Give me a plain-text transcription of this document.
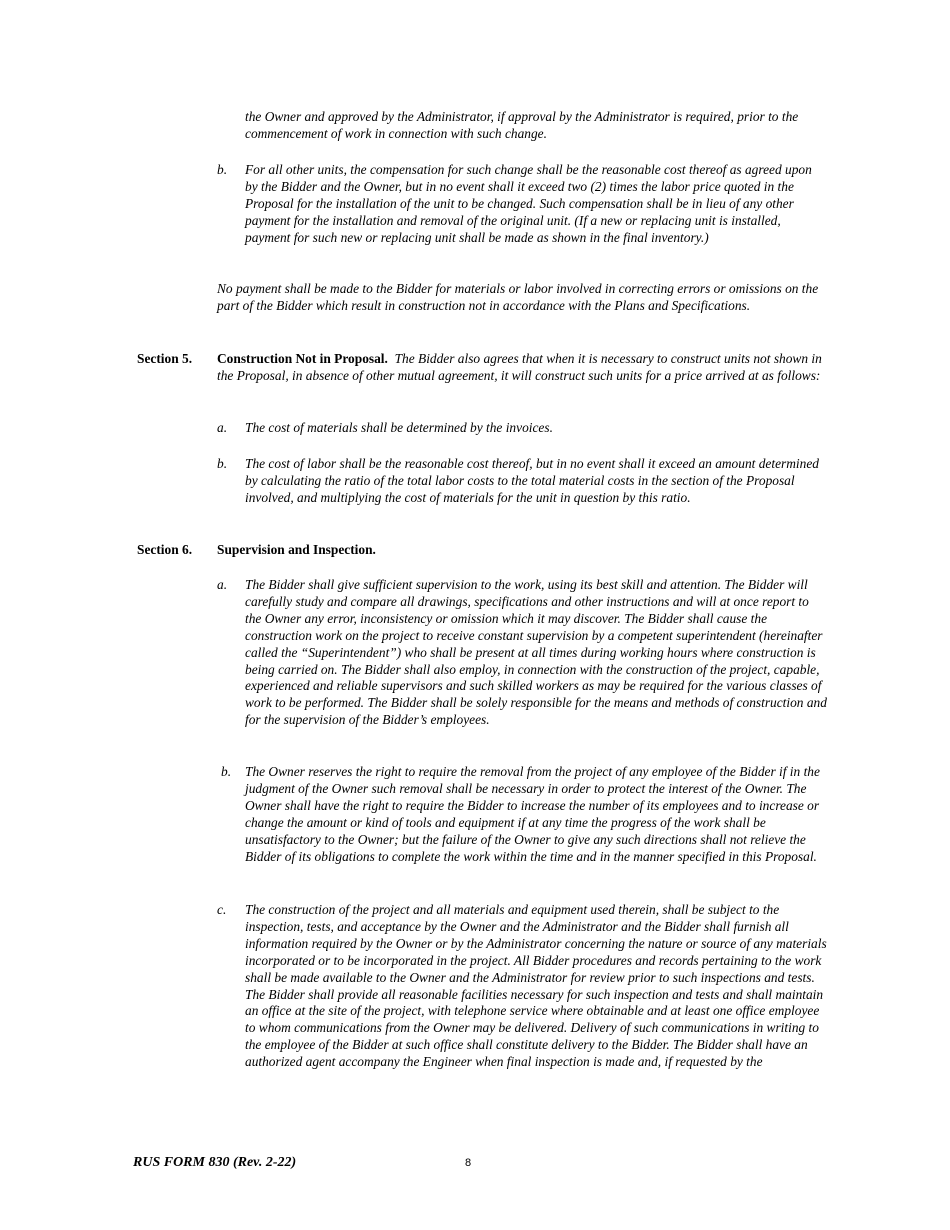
the Owner and approved by the Administrator, if approval by the Administrator is required, prior to the commencement of work in connection with such change.

b. For all other units, the compensation for such change shall be the reasonable cost thereof as agreed upon by the Bidder and the Owner, but in no event shall it exceed two (2) times the labor price quoted in the Proposal for the installation of the unit to be changed. Such compensation shall be in lieu of any other payment for the installation and removal of the original unit. (If a new or replacing unit is installed, payment for such new or replacing unit shall be made as shown in the final inventory.)

No payment shall be made to the Bidder for materials or labor involved in correcting errors or omissions on the part of the Bidder which result in construction not in accordance with the Plans and Specifications.

Section 5. Construction Not in Proposal. The Bidder also agrees that when it is necessary to construct units not shown in the Proposal, in absence of other mutual agreement, it will construct such units for a price arrived at as follows:

a. The cost of materials shall be determined by the invoices.

b. The cost of labor shall be the reasonable cost thereof, but in no event shall it exceed an amount determined by calculating the ratio of the total labor costs to the total material costs in the section of the Proposal involved, and multiplying the cost of materials for the unit in question by this ratio.

Section 6. Supervision and Inspection.
a. The Bidder shall give sufficient supervision to the work, using its best skill and attention. The Bidder will carefully study and compare all drawings, specifications and other instructions and will at once report to the Owner any error, inconsistency or omission which it may discover. The Bidder shall cause the construction work on the project to receive constant supervision by a competent superintendent (hereinafter called the “Superintendent”) who shall be present at all times during working hours where construction is being carried on. The Bidder shall also employ, in connection with the construction of the project, capable, experienced and reliable supervisors and such skilled workers as may be required for the various classes of work to be performed. The Bidder shall be solely responsible for the means and methods of construction and for the supervision of the Bidder’s employees.

b. The Owner reserves the right to require the removal from the project of any employee of the Bidder if in the judgment of the Owner such removal shall be necessary in order to protect the interest of the Owner. The Owner shall have the right to require the Bidder to increase the number of its employees and to increase or change the amount or kind of tools and equipment if at any time the progress of the work shall be unsatisfactory to the Owner; but the failure of the Owner to give any such directions shall not relieve the Bidder of its obligations to complete the work within the time and in the manner specified in this Proposal.

c. The construction of the project and all materials and equipment used therein, shall be subject to the inspection, tests, and acceptance by the Owner and the Administrator and the Bidder shall furnish all information required by the Owner or by the Administrator concerning the nature or source of any materials incorporated or to be incorporated in the project. All Bidder procedures and records pertaining to the work shall be made available to the Owner and the Administrator for review prior to such inspections and tests. The Bidder shall provide all reasonable facilities necessary for such inspection and tests and shall maintain an office at the site of the project, with telephone service where obtainable and at least one office employee to whom communications from the Owner may be delivered. Delivery of such communications in writing to the employee of the Bidder at such office shall constitute delivery to the Bidder. The Bidder shall have an authorized agent accompany the Engineer when final inspection is made and, if requested by the

RUS FORM 830 (Rev. 2-22)	8
